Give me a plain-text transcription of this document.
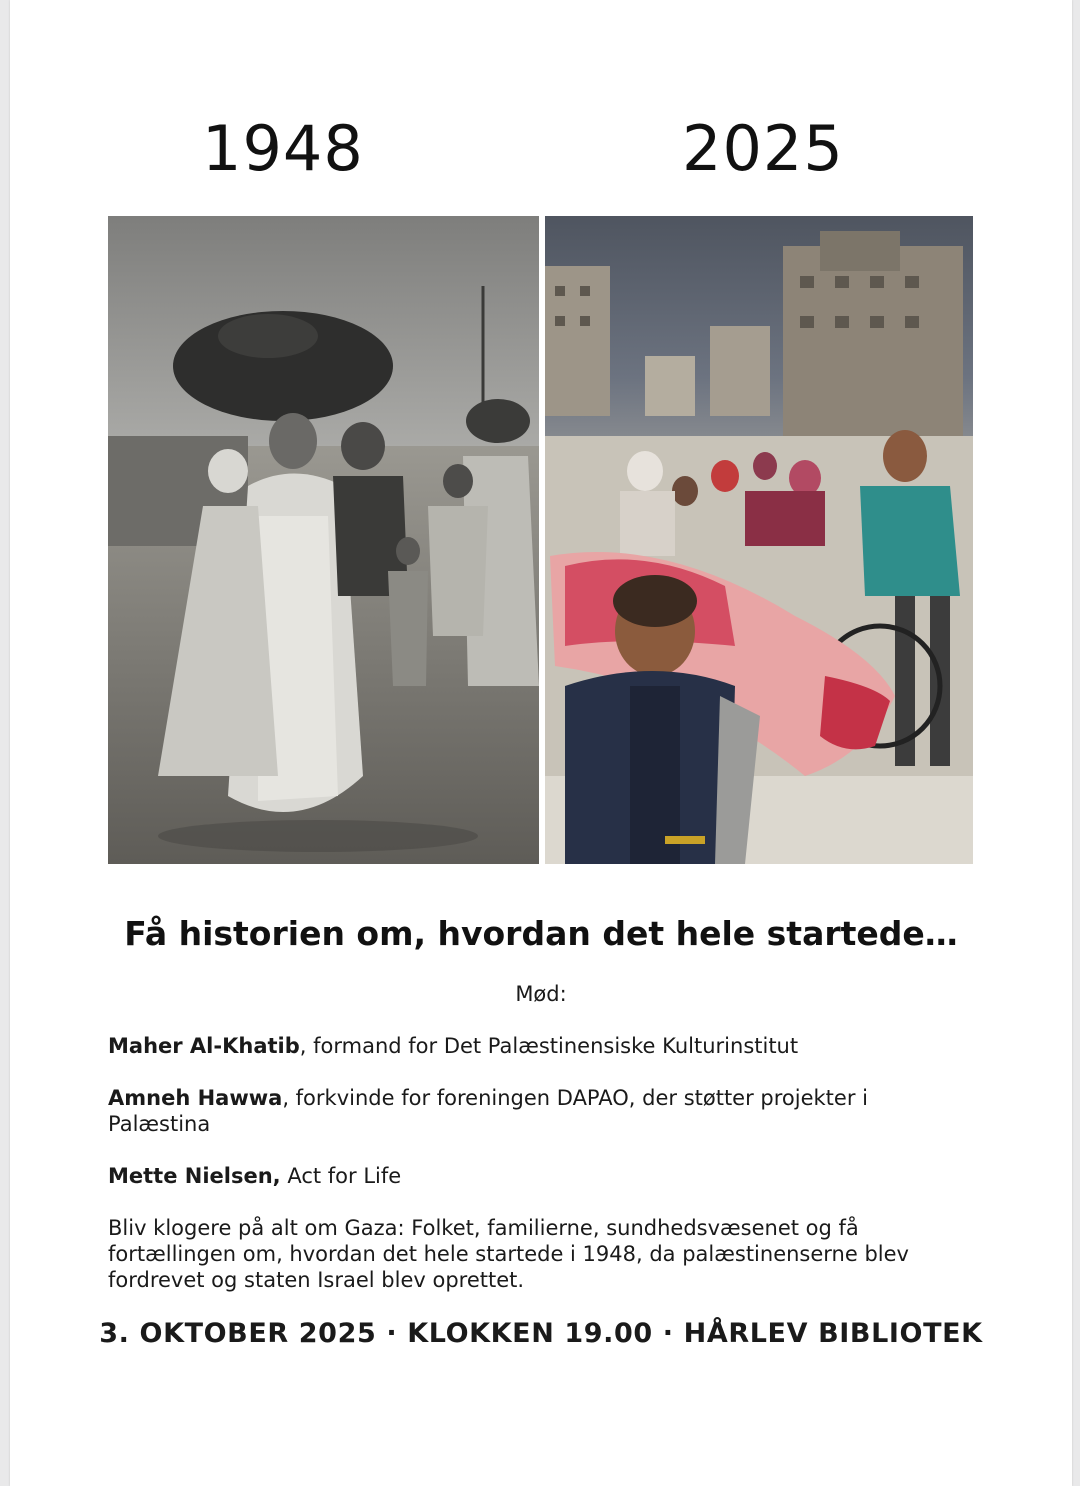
1948	2025
Få historien om, hvordan det hele startede…
Mød:
Maher Al-Khatib, formand for Det Palæstinensiske Kulturinstitut
Amneh Hawwa, forkvinde for foreningen DAPAO, der støtter projekter i Palæstina
Mette Nielsen, Act for Life
Bliv klogere på alt om Gaza: Folket, familierne, sundhedsvæsenet og få fortællingen om, hvordan det hele startede i 1948, da palæstinenserne blev fordrevet og staten Israel blev oprettet.
3. OKTOBER 2025 · KLOKKEN 19.00 · HÅRLEV BIBLIOTEK
